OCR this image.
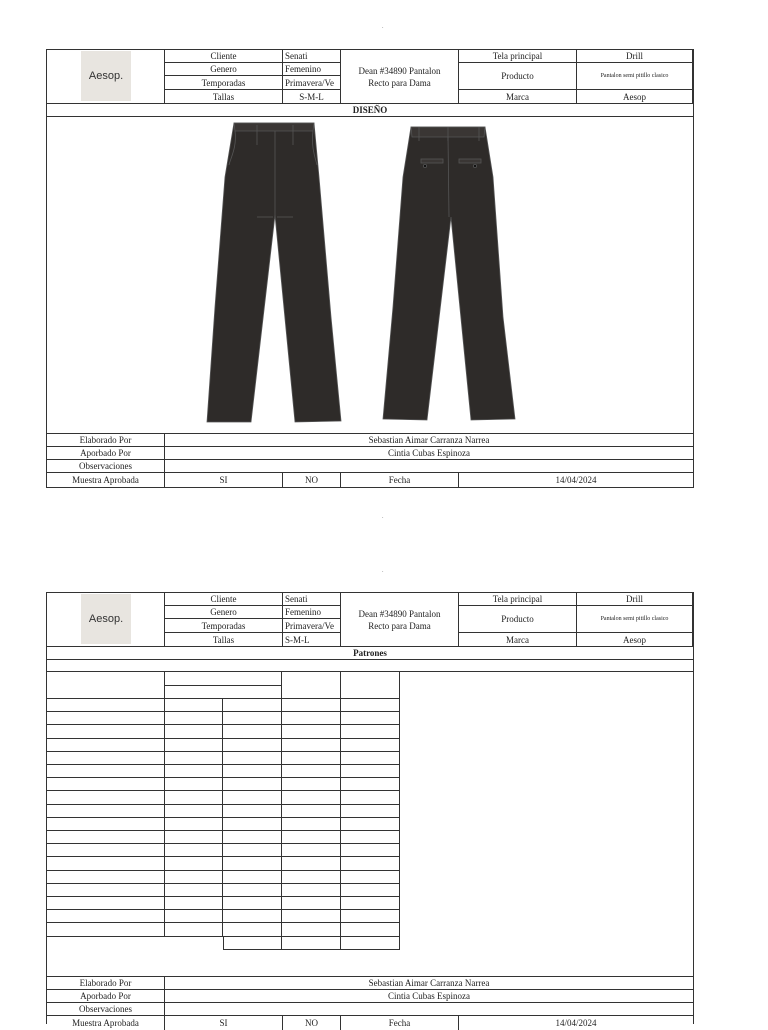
.
.
.
Aesop.
Cliente	Senati
Genero	Femenino
Temporadas	Primavera/Ve
Tallas	S-M-L
Dean #34890 Pantalon Recto para Dama
Tela principal	Drill
Producto	Pantalon semi pitillo clasico
Marca	Aesop
DISEÑO
Elaborado Por	Sebastian Aimar Carranza Narrea
Aporbado Por	Cintia Cubas Espinoza
Observaciones
Muestra Aprobada	SI	NO	Fecha	14/04/2024
Aesop.
Cliente	Senati
Genero	Femenino
Temporadas	Primavera/Ve
Tallas	S-M-L
Dean #34890 Pantalon Recto para Dama
Tela principal	Drill
Producto	Pantalon semi pitillo clasico
Marca	Aesop
Patrones
Elaborado Por	Sebastian Aimar Carranza Narrea
Aporbado Por	Cintia Cubas Espinoza
Observaciones
Muestra Aprobada	SI	NO	Fecha	14/04/2024
